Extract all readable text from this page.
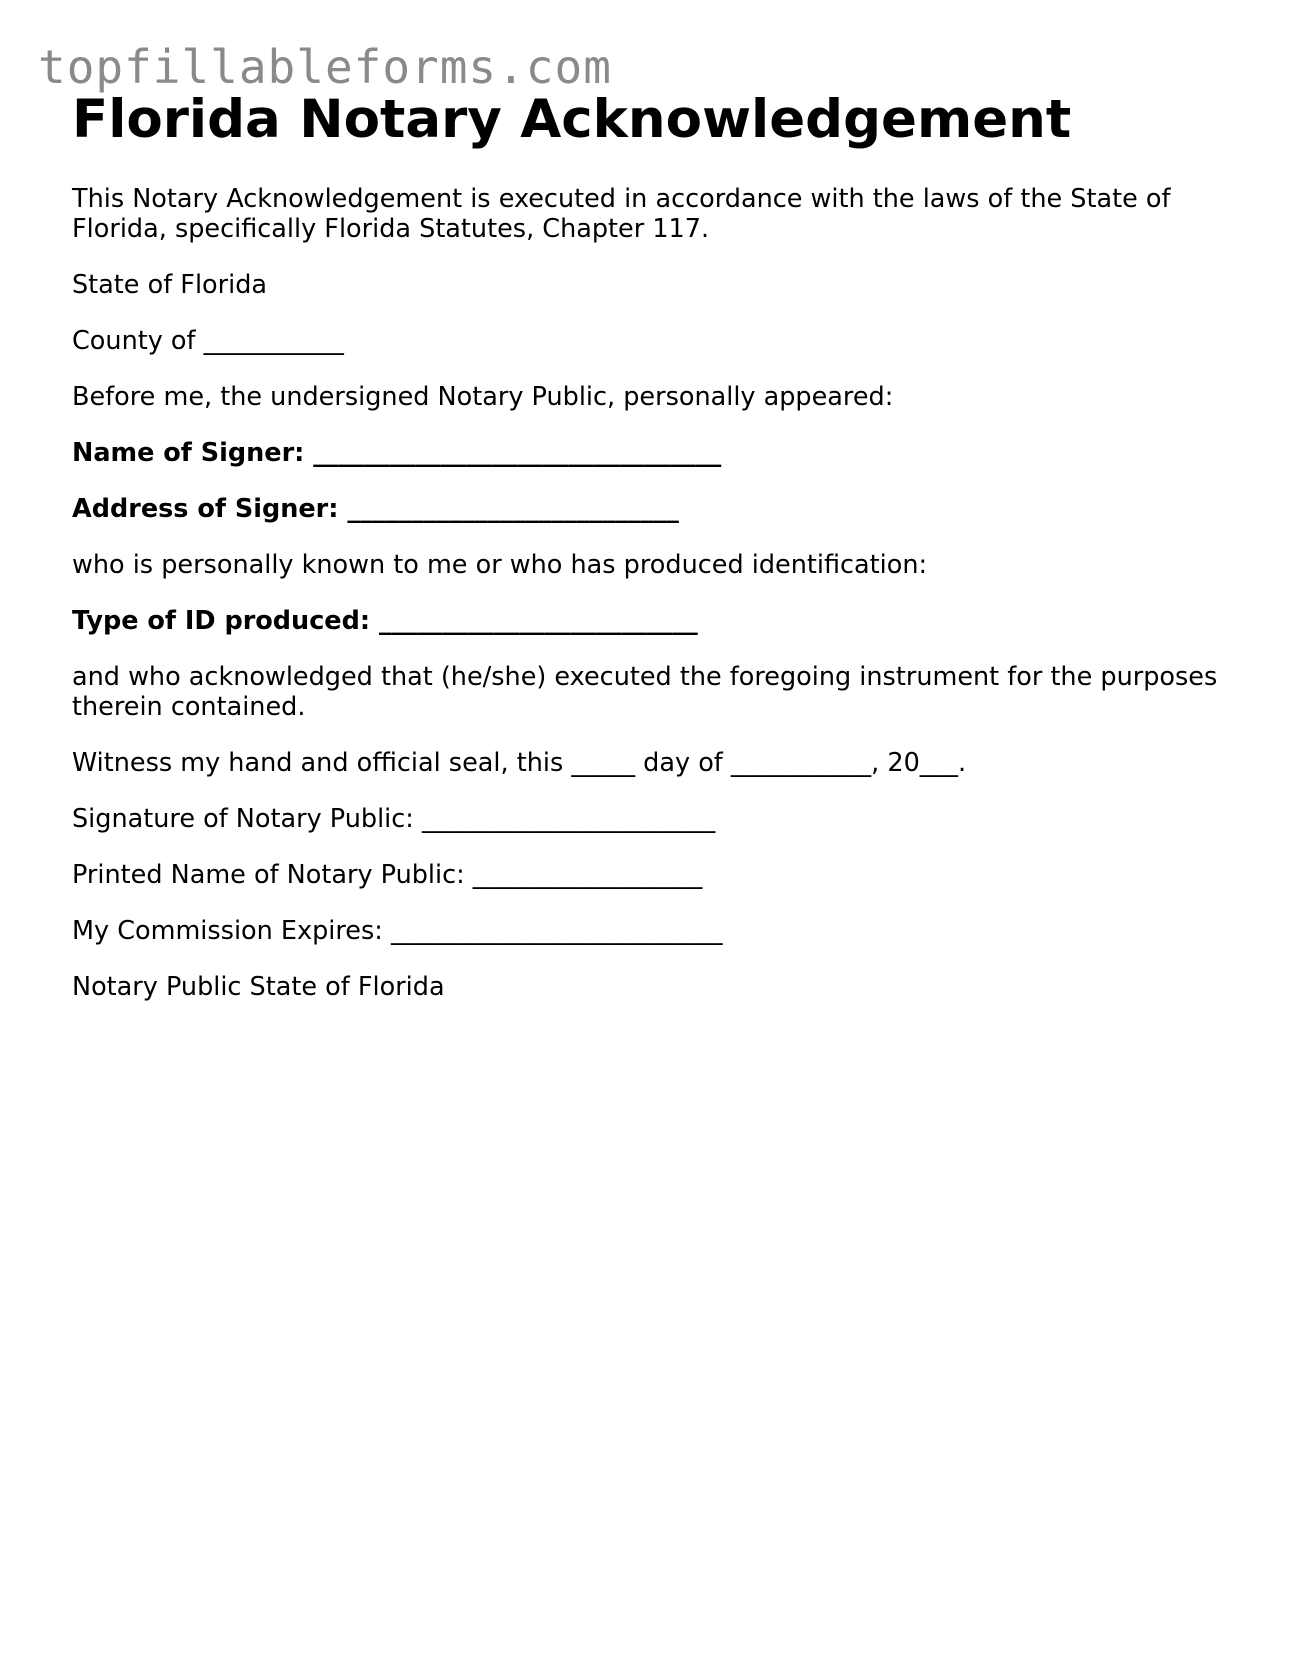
topfillableforms.com
Florida Notary Acknowledgement

This Notary Acknowledgement is executed in accordance with the laws of the State of Florida, specifically Florida Statutes, Chapter 117.

State of Florida

County of ___________

Before me, the undersigned Notary Public, personally appeared:

Name of Signer: ________________________________

Address of Signer: __________________________

who is personally known to me or who has produced identification:

Type of ID produced: _________________________

and who acknowledged that (he/she) executed the foregoing instrument for the purposes therein contained.

Witness my hand and official seal, this _____ day of ___________, 20___.

Signature of Notary Public: _______________________

Printed Name of Notary Public: __________________

My Commission Expires: __________________________

Notary Public State of Florida
